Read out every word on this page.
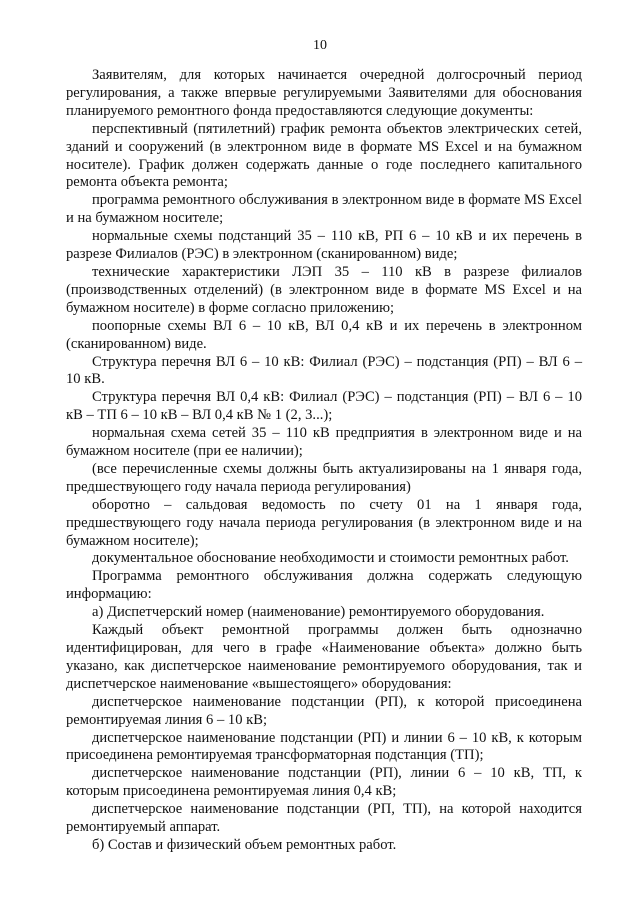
10

Заявителям, для которых начинается очередной долгосрочный период регулирования, а также впервые регулируемыми Заявителями для обоснования планируемого ремонтного фонда предоставляются следующие документы:

перспективный (пятилетний) график ремонта объектов электрических сетей, зданий и сооружений (в электронном виде в формате MS Excel и на бумажном носителе). График должен содержать данные о годе последнего капитального ремонта объекта ремонта;

программа ремонтного обслуживания в электронном виде в формате MS Excel и на бумажном носителе;

нормальные схемы подстанций 35 – 110 кВ, РП 6 – 10 кВ и их перечень в разрезе Филиалов (РЭС) в электронном (сканированном) виде;

технические характеристики ЛЭП 35 – 110 кВ в разрезе филиалов (производственных отделений) (в электронном виде в формате MS Excel и на бумажном носителе) в форме согласно приложению;

поопорные схемы ВЛ 6 – 10 кВ, ВЛ 0,4 кВ и их перечень в электронном (сканированном) виде.

Структура перечня ВЛ 6 – 10 кВ: Филиал (РЭС) – подстанция (РП) – ВЛ 6 – 10 кВ.

Структура перечня ВЛ 0,4 кВ: Филиал (РЭС) – подстанция (РП) – ВЛ 6 – 10 кВ – ТП 6 – 10 кВ – ВЛ 0,4 кВ № 1 (2, 3...);

нормальная схема сетей 35 – 110 кВ предприятия в электронном виде и на бумажном носителе (при ее наличии);

(все перечисленные схемы должны быть актуализированы на 1 января года, предшествующего году начала периода регулирования)

оборотно – сальдовая ведомость по счету 01 на 1 января года, предшествующего году начала периода регулирования (в электронном виде и на бумажном носителе);

документальное обоснование необходимости и стоимости ремонтных работ.

Программа ремонтного обслуживания должна содержать следующую информацию:

а) Диспетчерский номер (наименование) ремонтируемого оборудования.

Каждый объект ремонтной программы должен быть однозначно идентифицирован, для чего в графе «Наименование объекта» должно быть указано, как диспетчерское наименование ремонтируемого оборудования, так и диспетчерское наименование «вышестоящего» оборудования:

диспетчерское наименование подстанции (РП), к которой присоединена ремонтируемая линия 6 – 10 кВ;

диспетчерское наименование подстанции (РП) и линии 6 – 10 кВ, к которым присоединена ремонтируемая трансформаторная подстанция (ТП);

диспетчерское наименование подстанции (РП), линии 6 – 10 кВ, ТП, к которым присоединена ремонтируемая линия 0,4 кВ;

диспетчерское наименование подстанции (РП, ТП), на которой находится ремонтируемый аппарат.

б) Состав и физический объем ремонтных работ.
